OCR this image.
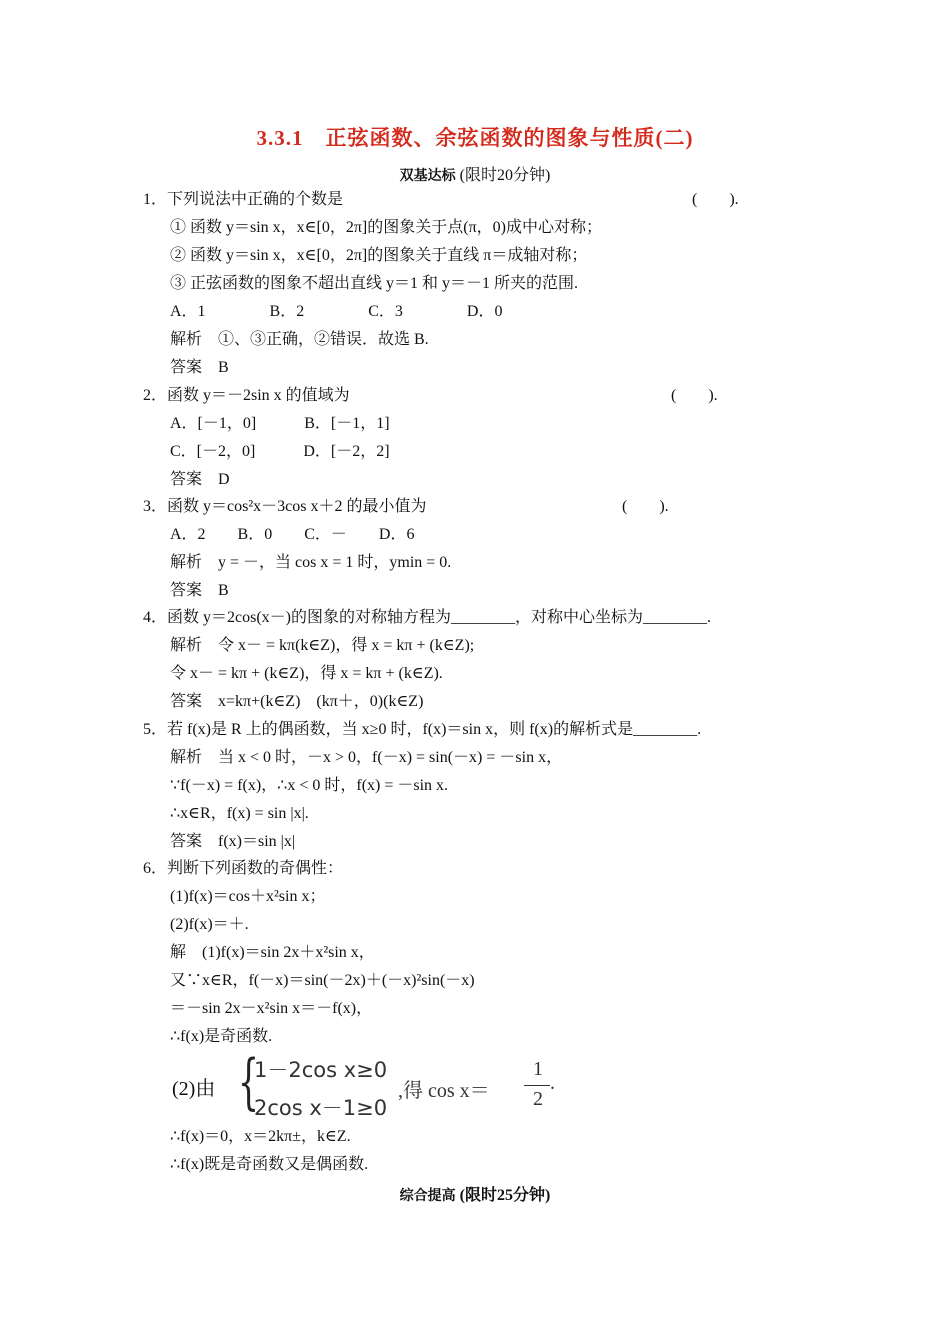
3.3.1　正弦函数、余弦函数的图象与性质(二)
双基达标 (限时20分钟)
1．下列说法中正确的个数是	(　　).
① 函数 y＝sin x，x∈[0，2π]的图象关于点(π，0)成中心对称；
② 函数 y＝sin x，x∈[0，2π]的图象关于直线 π＝成轴对称；
③ 正弦函数的图象不超出直线 y＝1 和 y＝－1 所夹的范围.
A．1　　　　B．2　　　　C．3　　　　D．0
解析　①、③正确，②错误．故选 B.
答案　B
2．函数 y＝－2sin x 的值域为	(　　).
A．[－1，0]　　　B．[－1，1]
C．[－2，0]　　　D．[－2，2]
答案　D
3．函数 y＝cos²x－3cos x＋2 的最小值为	(　　).
A．2　　B．0　　C．－　　D．6
解析　y = －，当 cos x = 1 时，ymin = 0.
答案　B
4．函数 y＝2cos(x－)的图象的对称轴方程为________，对称中心坐标为________.
解析　令 x－ = kπ(k∈Z)，得 x = kπ + (k∈Z);
令 x－ = kπ + (k∈Z)，得 x = kπ + (k∈Z).
答案　x=kπ+(k∈Z)　(kπ＋，0)(k∈Z)
5．若 f(x)是 R 上的偶函数，当 x≥0 时，f(x)＝sin x，则 f(x)的解析式是________.
解析　当 x < 0 时，－x > 0，f(－x) = sin(－x) = －sin x，
∵f(－x) = f(x)，∴x < 0 时，f(x) = －sin x.
∴x∈R，f(x) = sin |x|.
答案　f(x)＝sin |x|
6．判断下列函数的奇偶性：
(1)f(x)＝cos＋x²sin x；
(2)f(x)＝＋.
解　(1)f(x)＝sin 2x＋x²sin x，
又∵x∈R，f(－x)＝sin(－2x)＋(－x)²sin(－x)
＝－sin 2x－x²sin x＝－f(x)，
∴f(x)是奇函数.
(2)由 {
1－2cos x≥0
2cos x－1≥0
,得 cos x＝
1
2
.
∴f(x)＝0，x＝2kπ±，k∈Z.
∴f(x)既是奇函数又是偶函数.
综合提高 (限时25分钟)
